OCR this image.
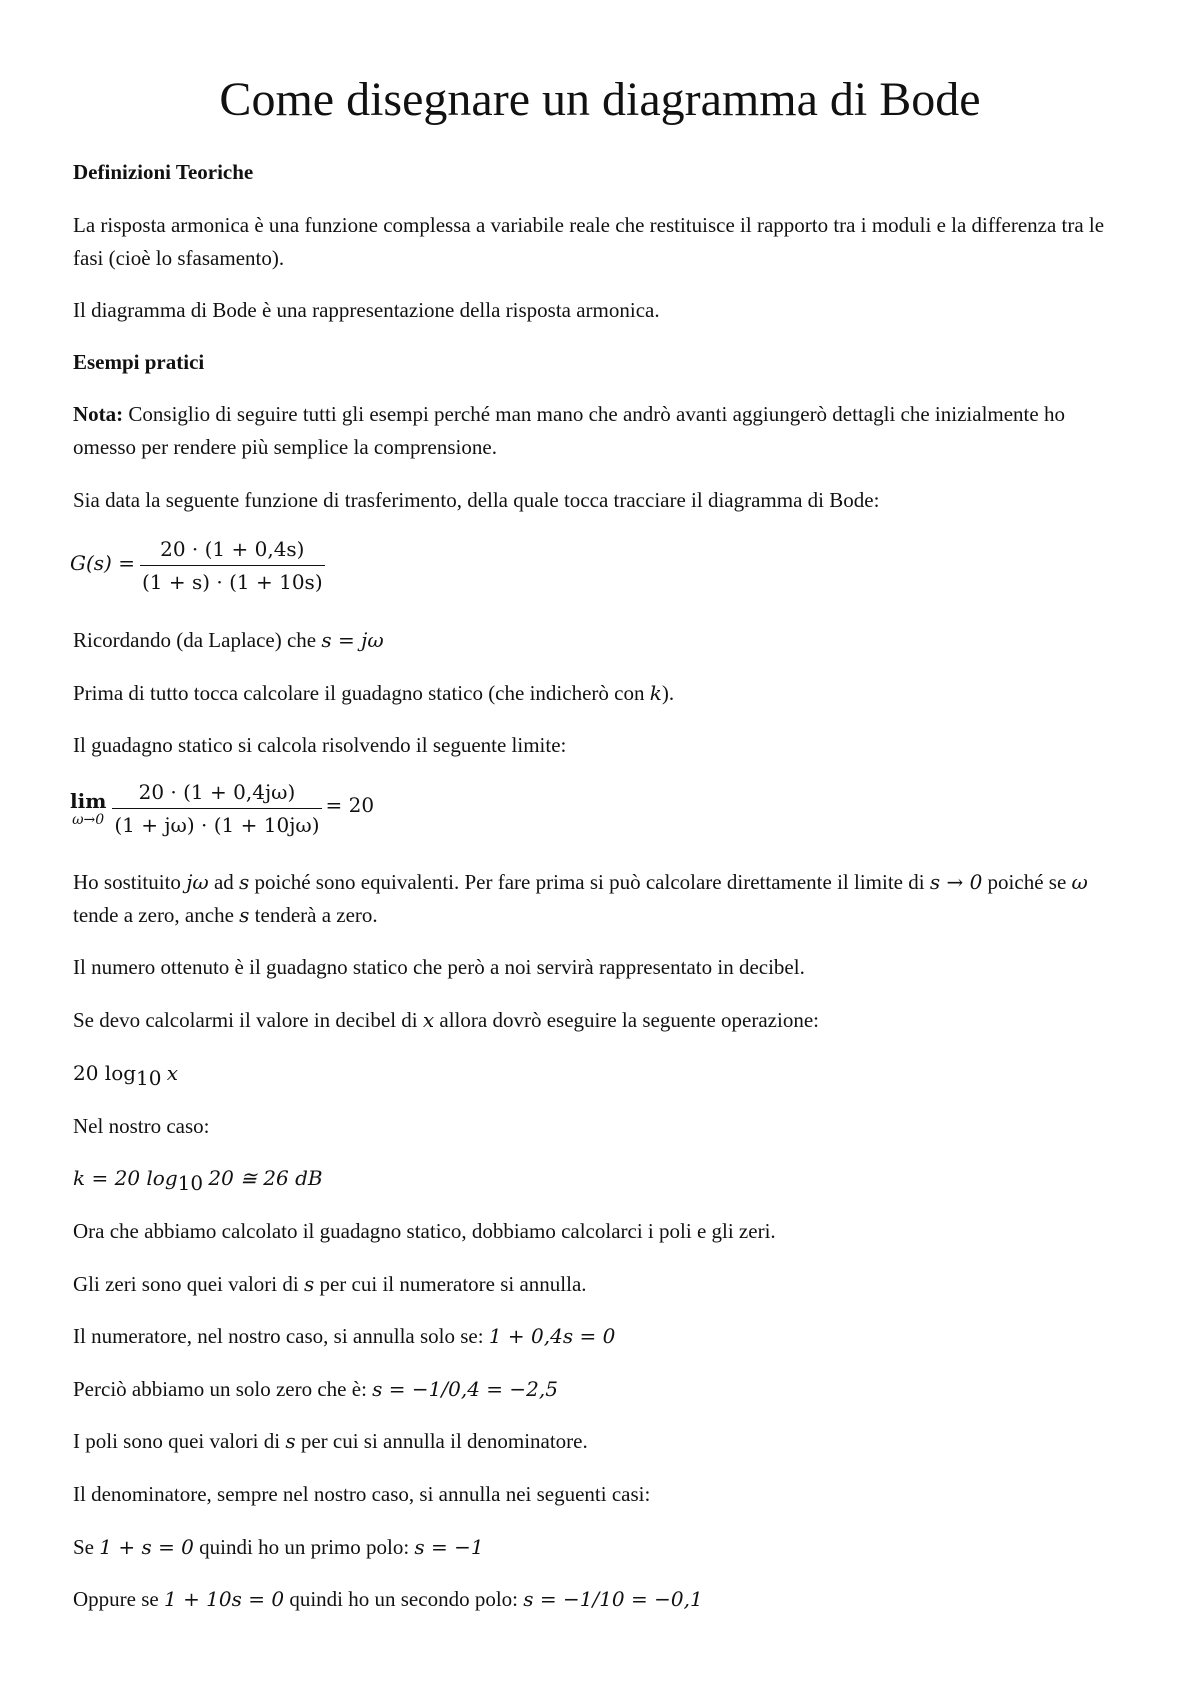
Come disegnare un diagramma di Bode

Definizioni Teoriche

La risposta armonica è una funzione complessa a variabile reale che restituisce il rapporto tra i moduli e la differenza tra le fasi (cioè lo sfasamento).

Il diagramma di Bode è una rappresentazione della risposta armonica.

Esempi pratici

Nota: Consiglio di seguire tutti gli esempi perché man mano che andrò avanti aggiungerò dettagli che inizialmente ho omesso per rendere più semplice la comprensione.

Sia data la seguente funzione di trasferimento, della quale tocca tracciare il diagramma di Bode:

$G(s) = \frac{20 \cdot (1 + 0,4s)}{(1 + s) \cdot (1 + 10s)}$

Ricordando (da Laplace) che s = jω

Prima di tutto tocca calcolare il guadagno statico (che indicherò con k).

Il guadagno statico si calcola risolvendo il seguente limite:

lim
ω→0
$\frac{20 \cdot (1 + 0,4j\omega)}{(1 + j\omega) \cdot (1 + 10j\omega)} = 20$

Ho sostituito jω ad s poiché sono equivalenti. Per fare prima si può calcolare direttamente il limite di s → 0 poiché se ω tende a zero, anche s tenderà a zero.

Il numero ottenuto è il guadagno statico che però a noi servirà rappresentato in decibel.

Se devo calcolarmi il valore in decibel di x allora dovrò eseguire la seguente operazione:

20 $\log_{10} x$

Nel nostro caso:

k = 20 $\log_{10} 20$ ≅ 26 dB

Ora che abbiamo calcolato il guadagno statico, dobbiamo calcolarci i poli e gli zeri.

Gli zeri sono quei valori di s per cui il numeratore si annulla.

Il numeratore, nel nostro caso, si annulla solo se: 1 + 0,4s = 0

Perciò abbiamo un solo zero che è: s = −1/0,4 = −2,5

I poli sono quei valori di s per cui si annulla il denominatore.

Il denominatore, sempre nel nostro caso, si annulla nei seguenti casi:

Se 1 + s = 0 quindi ho un primo polo: s = −1

Oppure se 1 + 10s = 0 quindi ho un secondo polo: s = −1/10 = −0,1
